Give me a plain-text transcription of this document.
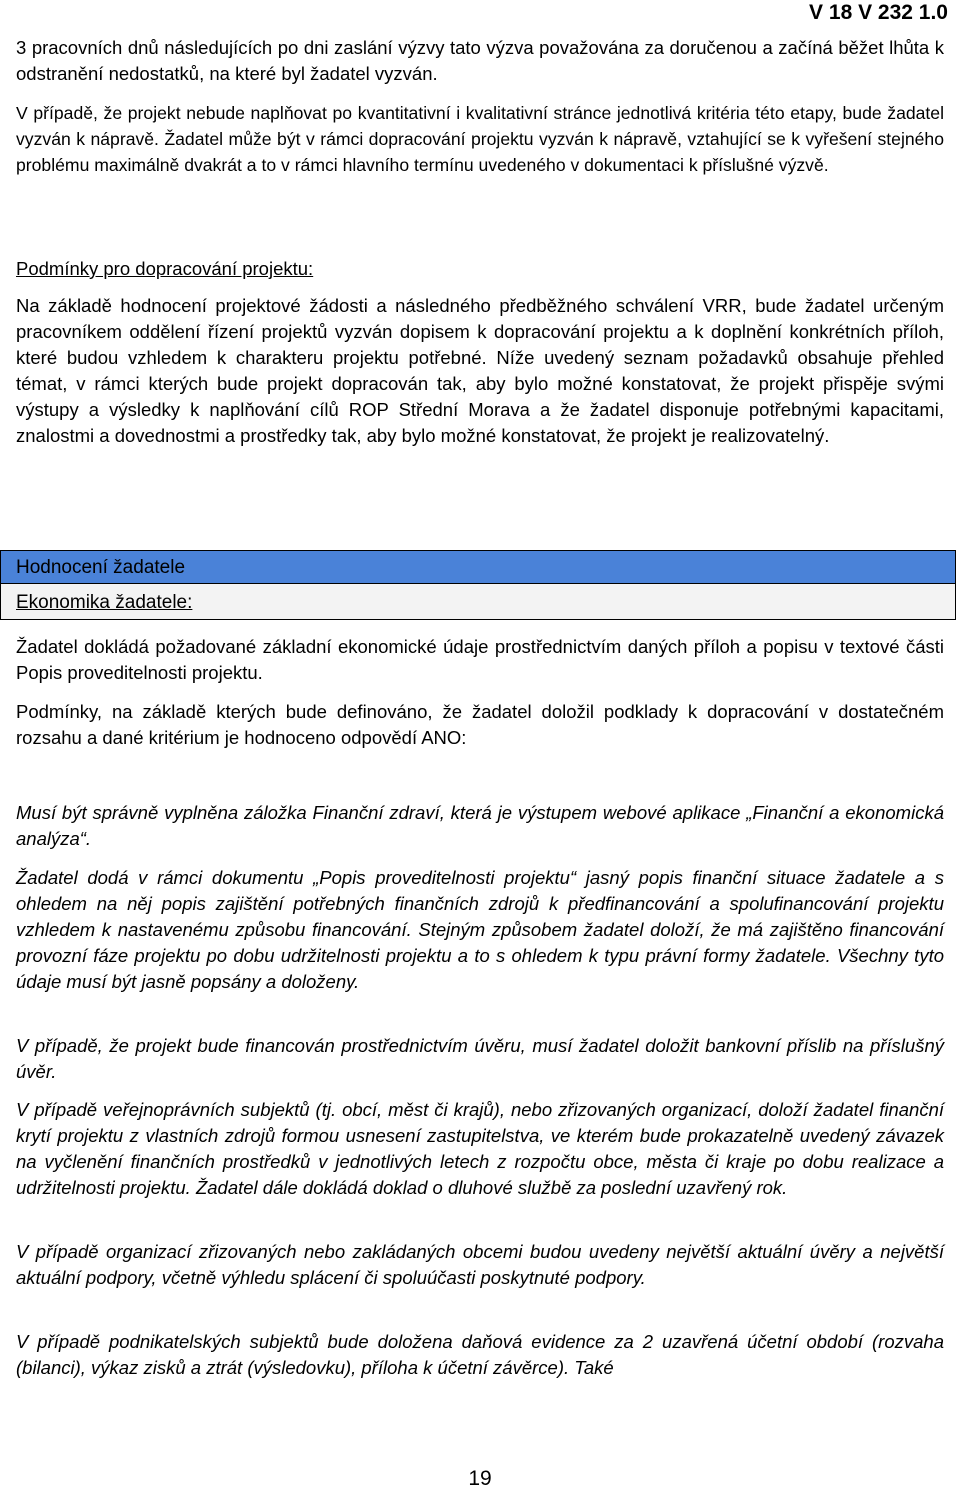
V 18 V 232 1.0
3 pracovních dnů následujících po dni zaslání výzvy tato výzva považována za doručenou a začíná běžet lhůta k odstranění nedostatků, na které byl žadatel vyzván.
V případě, že projekt nebude naplňovat po kvantitativní i kvalitativní stránce jednotlivá kritéria této etapy, bude žadatel vyzván k nápravě. Žadatel může být v rámci dopracování projektu vyzván k nápravě, vztahující se k vyřešení stejného problému maximálně dvakrát a to v rámci hlavního termínu uvedeného v dokumentaci k příslušné výzvě.
Podmínky pro dopracování projektu:
Na základě hodnocení projektové žádosti a následného předběžného schválení VRR, bude žadatel určeným pracovníkem oddělení řízení projektů vyzván dopisem k dopracování projektu a k doplnění konkrétních příloh, které budou vzhledem k charakteru projektu potřebné. Níže uvedený seznam požadavků obsahuje přehled témat, v rámci kterých bude projekt dopracován tak, aby bylo možné konstatovat, že projekt přispěje svými výstupy a výsledky k naplňování cílů ROP Střední Morava a že žadatel disponuje potřebnými kapacitami, znalostmi a dovednostmi a prostředky tak, aby bylo možné konstatovat, že projekt je realizovatelný.
Hodnocení žadatele
Ekonomika žadatele:
Žadatel dokládá požadované základní ekonomické údaje prostřednictvím daných příloh a popisu v textové části Popis proveditelnosti projektu.
Podmínky, na základě kterých bude definováno, že žadatel doložil podklady k dopracování v dostatečném rozsahu a dané kritérium je hodnoceno odpovědí ANO:
Musí být správně vyplněna záložka Finanční zdraví, která je výstupem webové aplikace „Finanční a ekonomická analýza“.
Žadatel dodá v rámci dokumentu „Popis proveditelnosti projektu“ jasný popis finanční situace žadatele a s ohledem na něj popis zajištění potřebných finančních zdrojů k předfinancování a spolufinancování projektu vzhledem k nastavenému způsobu financování. Stejným způsobem žadatel doloží, že má zajištěno financování provozní fáze projektu po dobu udržitelnosti projektu a to s ohledem k typu právní formy žadatele. Všechny tyto údaje musí být jasně popsány a doloženy.
V případě, že projekt bude financován prostřednictvím úvěru, musí žadatel doložit bankovní příslib na příslušný úvěr.
V případě veřejnoprávních subjektů (tj. obcí, měst či krajů), nebo zřizovaných organizací, doloží žadatel finanční krytí projektu z vlastních zdrojů formou usnesení zastupitelstva, ve kterém bude prokazatelně uvedený závazek na vyčlenění finančních prostředků v jednotlivých letech z rozpočtu obce, města či kraje po dobu realizace a udržitelnosti projektu. Žadatel dále dokládá doklad o dluhové službě za poslední uzavřený rok.
V případě organizací zřizovaných nebo zakládaných obcemi budou uvedeny největší aktuální úvěry a největší aktuální podpory, včetně výhledu splácení či spoluúčasti poskytnuté podpory.
V případě podnikatelských subjektů bude doložena daňová evidence za 2 uzavřená účetní období (rozvaha (bilanci), výkaz zisků a ztrát (výsledovku), příloha k účetní závěrce). Také
19
